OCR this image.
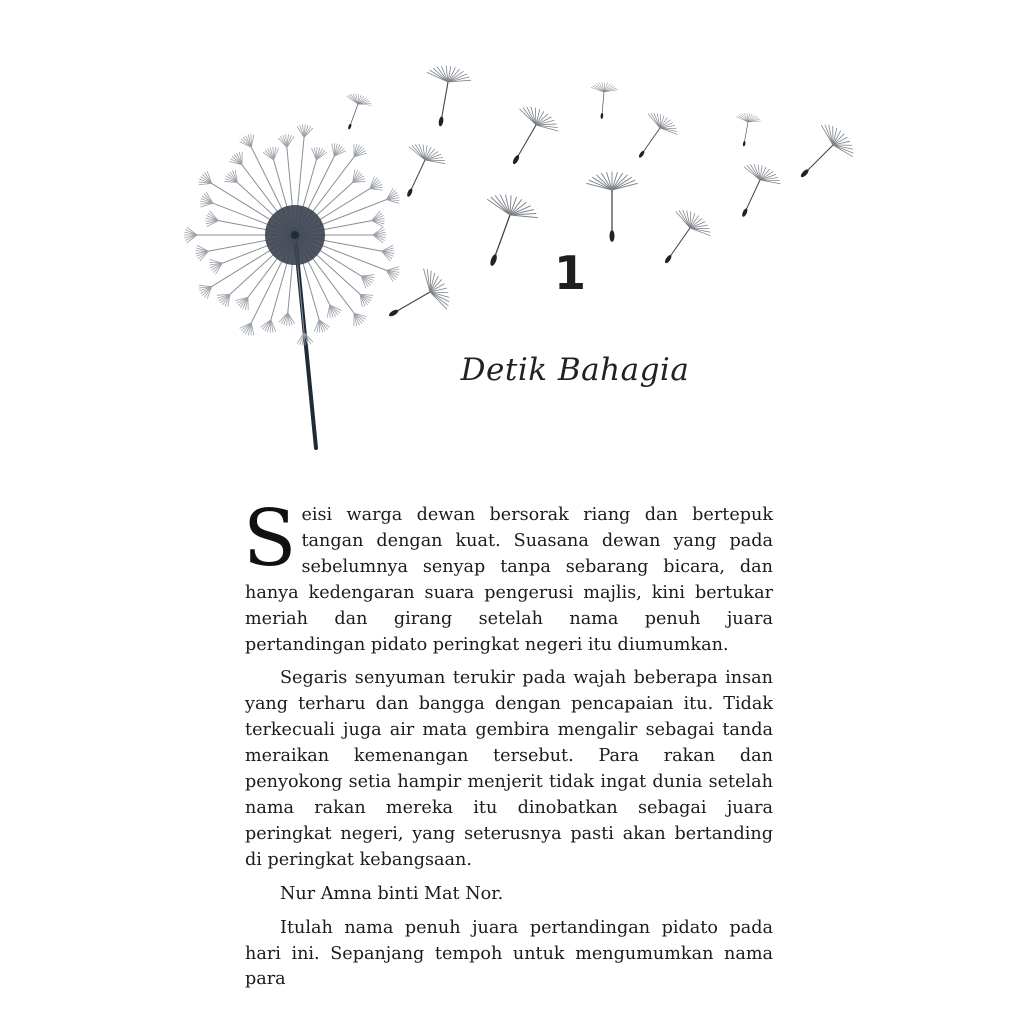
1
Detik Bahagia

Seisi warga dewan bersorak riang dan bertepuk tangan dengan kuat. Suasana dewan yang pada sebelumnya senyap tanpa sebarang bicara, dan hanya kedengaran suara pengerusi majlis, kini bertukar meriah dan girang setelah nama penuh juara pertandingan pidato peringkat negeri itu diumumkan.

Segaris senyuman terukir pada wajah beberapa insan yang terharu dan bangga dengan pencapaian itu. Tidak terkecuali juga air mata gembira mengalir sebagai tanda meraikan kemenangan tersebut. Para rakan dan penyokong setia hampir menjerit tidak ingat dunia setelah nama rakan mereka itu dinobatkan sebagai juara peringkat negeri, yang seterusnya pasti akan bertanding di peringkat kebangsaan.

Nur Amna binti Mat Nor.

Itulah nama penuh juara pertandingan pidato pada hari ini. Sepanjang tempoh untuk mengumumkan nama para
